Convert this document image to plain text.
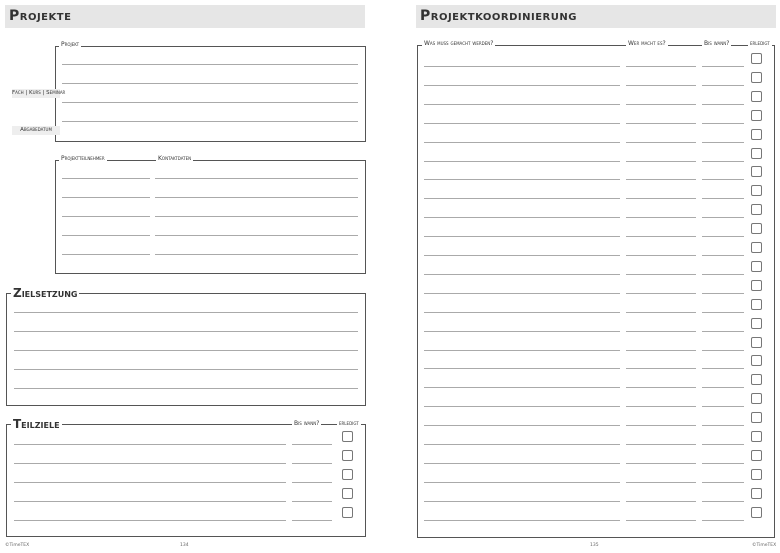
Projekte
Projekt
Fach | Kurs | Seminar
Abgabedatum
Projektteilnehmer	Kontaktdaten
Zielsetzung
Teilziele	Bis wann?	erledigt
©TimeTEX	134
Projektkoordinierung
Was muss gemacht werden?	Wer macht es?	Bis wann?	erledigt
135	©TimeTEX
